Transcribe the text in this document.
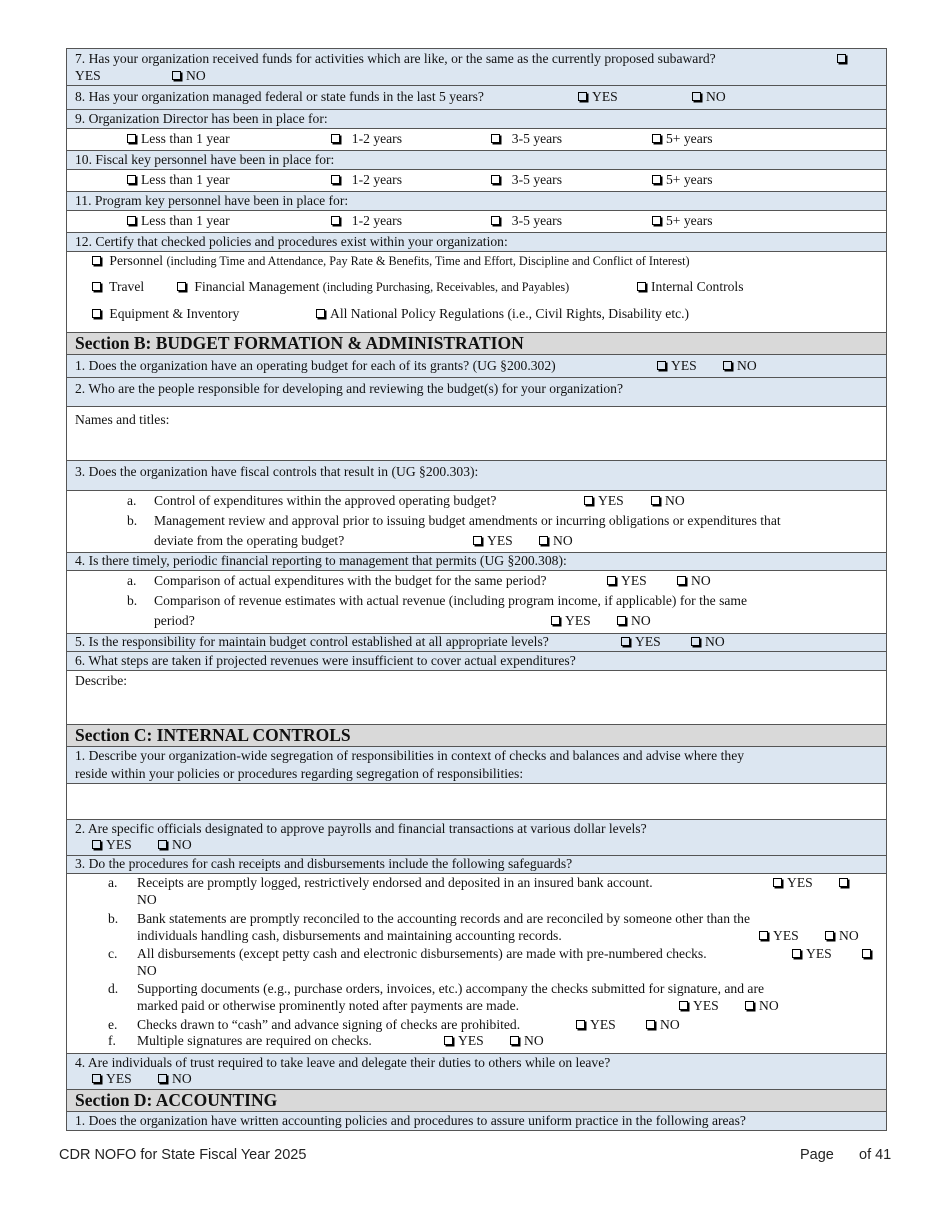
7. Has your organization received funds for activities which are like, or the same as the currently proposed subaward?
YES	NO
8. Has your organization managed federal or state funds in the last 5 years?	YES	NO
9. Organization Director has been in place for:
Less than 1 year	1-2 years	3-5 years	5+ years
10. Fiscal key personnel have been in place for:
Less than 1 year	1-2 years	3-5 years	5+ years
11. Program key personnel have been in place for:
Less than 1 year	1-2 years	3-5 years	5+ years
12. Certify that checked policies and procedures exist within your organization:
Personnel (including Time and Attendance, Pay Rate & Benefits, Time and Effort, Discipline and Conflict of Interest)
Travel	Financial Management (including Purchasing, Receivables, and Payables)	Internal Controls
Equipment & Inventory	All National Policy Regulations (i.e., Civil Rights, Disability etc.)
Section B: BUDGET FORMATION & ADMINISTRATION
1. Does the organization have an operating budget for each of its grants? (UG §200.302)	YES	NO
2. Who are the people responsible for developing and reviewing the budget(s) for your organization?
Names and titles:
3. Does the organization have fiscal controls that result in (UG §200.303):
a. Control of expenditures within the approved operating budget?	YES	NO
b. Management review and approval prior to issuing budget amendments or incurring obligations or expenditures that
deviate from the operating budget?	YES	NO
4. Is there timely, periodic financial reporting to management that permits (UG §200.308):
a. Comparison of actual expenditures with the budget for the same period?	YES	NO
b. Comparison of revenue estimates with actual revenue (including program income, if applicable) for the same
period?	YES	NO
5. Is the responsibility for maintain budget control established at all appropriate levels?	YES	NO
6. What steps are taken if projected revenues were insufficient to cover actual expenditures?
Describe:
Section C: INTERNAL CONTROLS
1. Describe your organization-wide segregation of responsibilities in context of checks and balances and advise where they
reside within your policies or procedures regarding segregation of responsibilities:
2. Are specific officials designated to approve payrolls and financial transactions at various dollar levels?
YES	NO
3. Do the procedures for cash receipts and disbursements include the following safeguards?
a. Receipts are promptly logged, restrictively endorsed and deposited in an insured bank account.	YES
NO
b. Bank statements are promptly reconciled to the accounting records and are reconciled by someone other than the
individuals handling cash, disbursements and maintaining accounting records.	YES	NO
c. All disbursements (except petty cash and electronic disbursements) are made with pre-numbered checks.	YES
NO
d. Supporting documents (e.g., purchase orders, invoices, etc.) accompany the checks submitted for signature, and are
marked paid or otherwise prominently noted after payments are made.	YES	NO
e. Checks drawn to “cash” and advance signing of checks are prohibited.	YES	NO
f. Multiple signatures are required on checks.	YES	NO
4. Are individuals of trust required to take leave and delegate their duties to others while on leave?
YES	NO
Section D: ACCOUNTING
1. Does the organization have written accounting policies and procedures to assure uniform practice in the following areas?
CDR NOFO for State Fiscal Year 2025	Page of 41
